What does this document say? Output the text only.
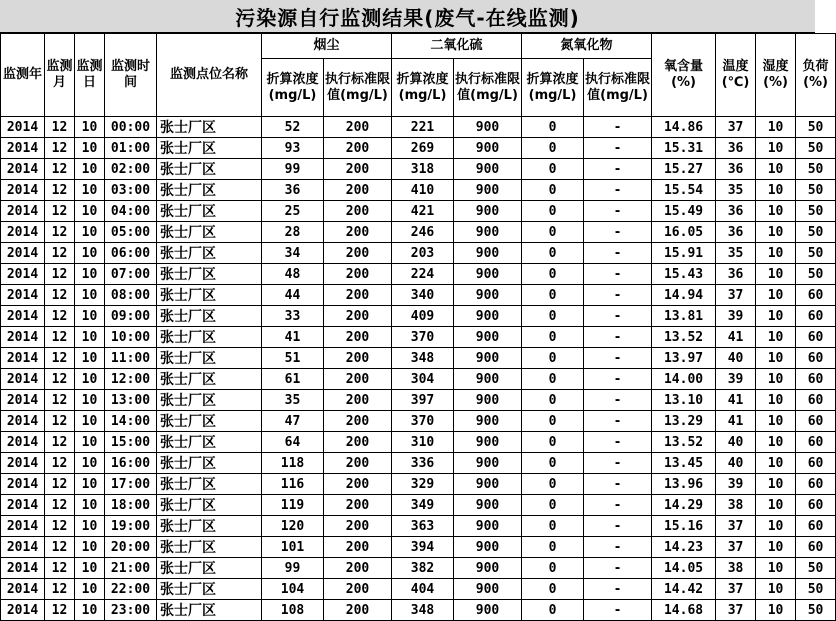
污染源自行监测结果(废气-在线监测)
监测年	监测月	监测日	监测时间	监测点位名称	烟尘		二氧化硫		氮氧化物		氧含量(%)	温度(℃)	湿度(%)	负荷(%)
					折算浓度(mg/L)	执行标准限值(mg/L)	折算浓度(mg/L)	执行标准限值(mg/L)	折算浓度(mg/L)	执行标准限值(mg/L)				
2014	12	10	00:00	张士厂区	52	200	221	900	0	-	14.86	37	10	50
2014	12	10	01:00	张士厂区	93	200	269	900	0	-	15.31	36	10	50
2014	12	10	02:00	张士厂区	99	200	318	900	0	-	15.27	36	10	50
2014	12	10	03:00	张士厂区	36	200	410	900	0	-	15.54	35	10	50
2014	12	10	04:00	张士厂区	25	200	421	900	0	-	15.49	36	10	50
2014	12	10	05:00	张士厂区	28	200	246	900	0	-	16.05	36	10	50
2014	12	10	06:00	张士厂区	34	200	203	900	0	-	15.91	35	10	50
2014	12	10	07:00	张士厂区	48	200	224	900	0	-	15.43	36	10	50
2014	12	10	08:00	张士厂区	44	200	340	900	0	-	14.94	37	10	60
2014	12	10	09:00	张士厂区	33	200	409	900	0	-	13.81	39	10	60
2014	12	10	10:00	张士厂区	41	200	370	900	0	-	13.52	41	10	60
2014	12	10	11:00	张士厂区	51	200	348	900	0	-	13.97	40	10	60
2014	12	10	12:00	张士厂区	61	200	304	900	0	-	14.00	39	10	60
2014	12	10	13:00	张士厂区	35	200	397	900	0	-	13.10	41	10	60
2014	12	10	14:00	张士厂区	47	200	370	900	0	-	13.29	41	10	60
2014	12	10	15:00	张士厂区	64	200	310	900	0	-	13.52	40	10	60
2014	12	10	16:00	张士厂区	118	200	336	900	0	-	13.45	40	10	60
2014	12	10	17:00	张士厂区	116	200	329	900	0	-	13.96	39	10	60
2014	12	10	18:00	张士厂区	119	200	349	900	0	-	14.29	38	10	60
2014	12	10	19:00	张士厂区	120	200	363	900	0	-	15.16	37	10	60
2014	12	10	20:00	张士厂区	101	200	394	900	0	-	14.23	37	10	60
2014	12	10	21:00	张士厂区	99	200	382	900	0	-	14.05	38	10	50
2014	12	10	22:00	张士厂区	104	200	404	900	0	-	14.42	37	10	50
2014	12	10	23:00	张士厂区	108	200	348	900	0	-	14.68	37	10	50
